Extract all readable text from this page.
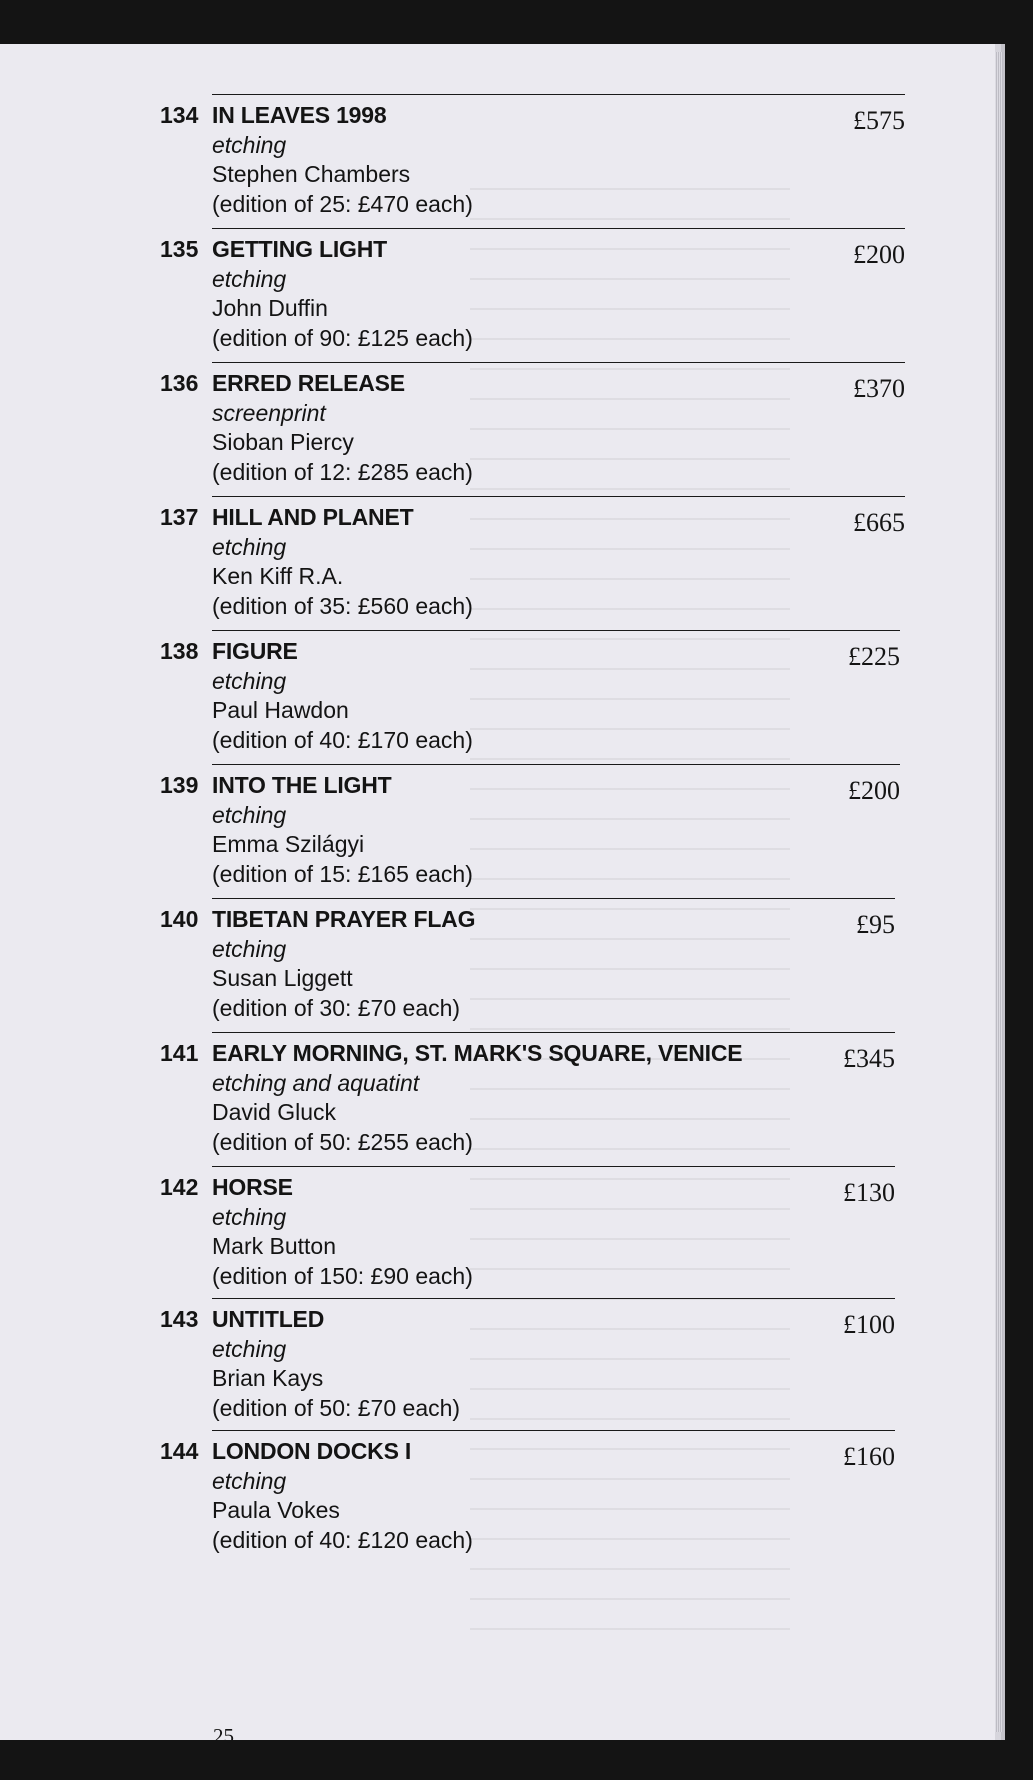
134 IN LEAVES 1998
etching
Stephen Chambers
(edition of 25: £470 each)
£575
135 GETTING LIGHT
etching
John Duffin
(edition of 90: £125 each)
£200
136 ERRED RELEASE
screenprint
Sioban Piercy
(edition of 12: £285 each)
£370
137 HILL AND PLANET
etching
Ken Kiff R.A.
(edition of 35: £560 each)
£665
138 FIGURE
etching
Paul Hawdon
(edition of 40: £170 each)
£225
139 INTO THE LIGHT
etching
Emma Szilágyi
(edition of 15: £165 each)
£200
140 TIBETAN PRAYER FLAG
etching
Susan Liggett
(edition of 30: £70 each)
£95
141 EARLY MORNING, ST. MARK'S SQUARE, VENICE
etching and aquatint
David Gluck
(edition of 50: £255 each)
£345
142 HORSE
etching
Mark Button
(edition of 150: £90 each)
£130
143 UNTITLED
etching
Brian Kays
(edition of 50: £70 each)
£100
144 LONDON DOCKS I
etching
Paula Vokes
(edition of 40: £120 each)
£160
25
